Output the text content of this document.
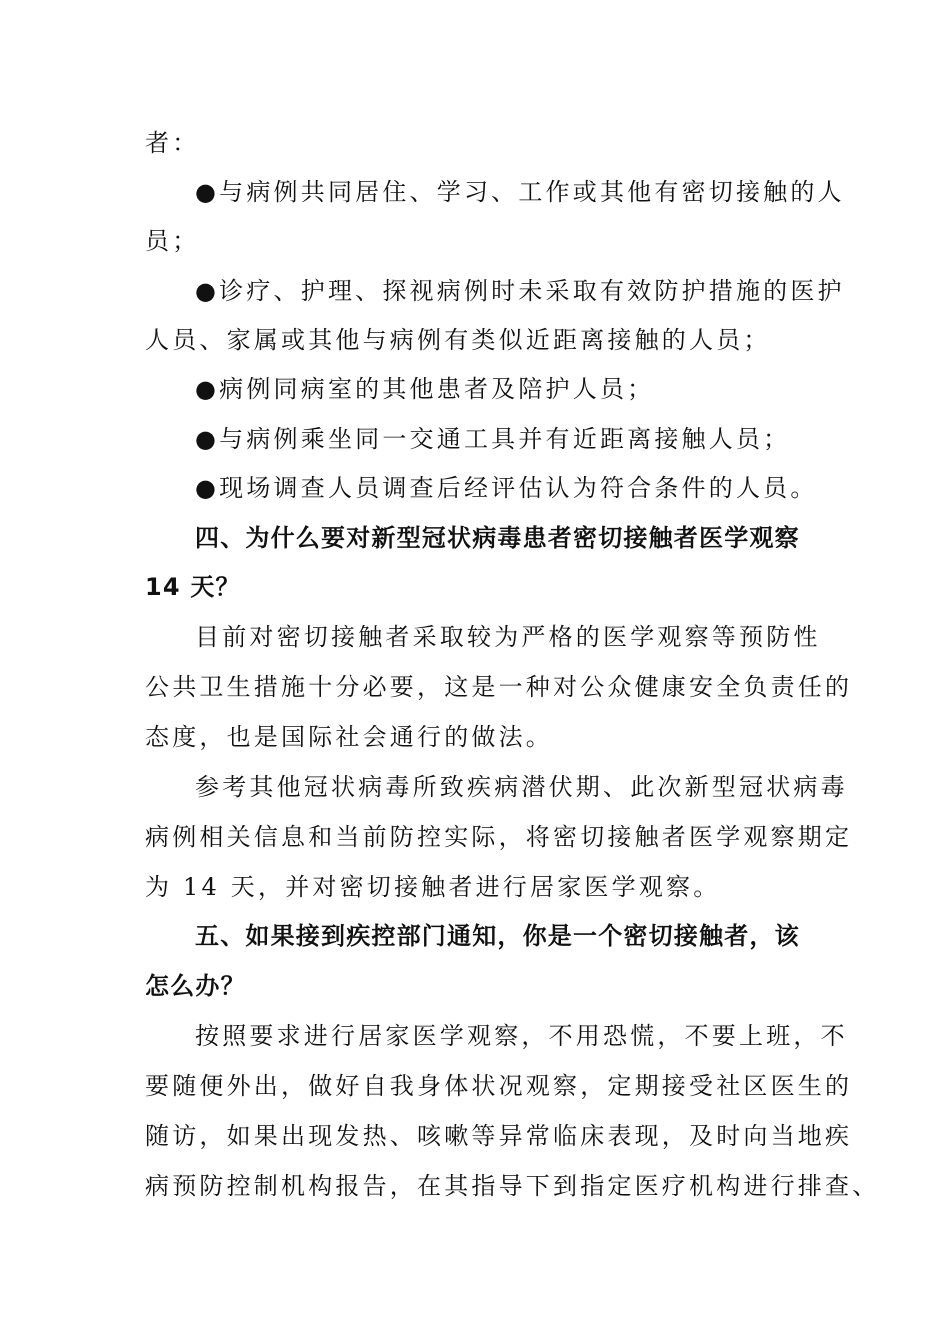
者：
●与病例共同居住、学习、工作或其他有密切接触的人
员；
●诊疗、护理、探视病例时未采取有效防护措施的医护
人员、家属或其他与病例有类似近距离接触的人员；
●病例同病室的其他患者及陪护人员；
●与病例乘坐同一交通工具并有近距离接触人员；
●现场调查人员调查后经评估认为符合条件的人员。
四、为什么要对新型冠状病毒患者密切接触者医学观察
14 天？
目前对密切接触者采取较为严格的医学观察等预防性
公共卫生措施十分必要，这是一种对公众健康安全负责任的
态度，也是国际社会通行的做法。
参考其他冠状病毒所致疾病潜伏期、此次新型冠状病毒
病例相关信息和当前防控实际，将密切接触者医学观察期定
为 14 天，并对密切接触者进行居家医学观察。
五、如果接到疾控部门通知，你是一个密切接触者，该
怎么办？
按照要求进行居家医学观察，不用恐慌，不要上班，不
要随便外出，做好自我身体状况观察，定期接受社区医生的
随访，如果出现发热、咳嗽等异常临床表现，及时向当地疾
病预防控制机构报告，在其指导下到指定医疗机构进行排查、
